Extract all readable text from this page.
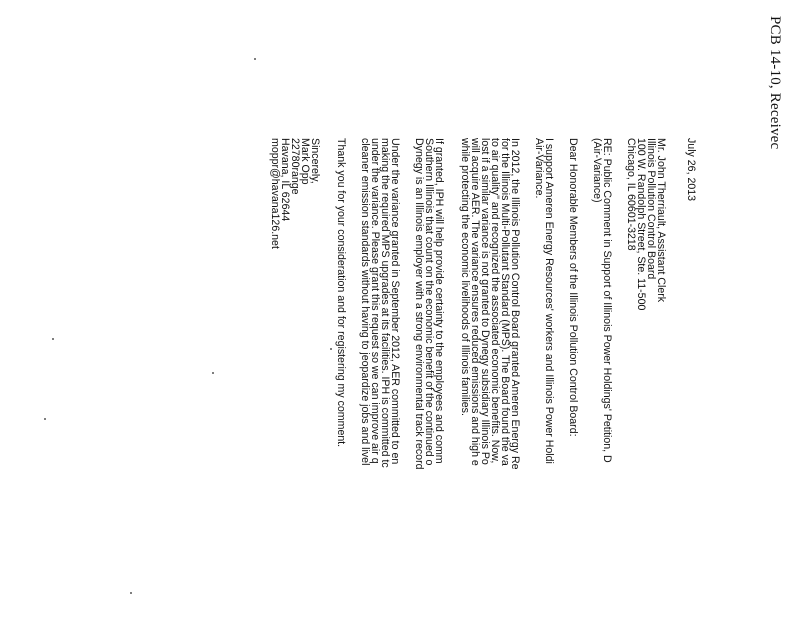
PCB 14-10, Receivec
July 26, 2013
Mr. John Therriault, Assistant Clerk
Illinois Pollution Control Board
100 W. Randolph Street, Ste. 11-500
Chicago, IL 60601-3218
RE: Public Comment in Support of Illinois Power Holdings' Petition, D
(Air-Variance)
Dear Honorable Members of the Illinois Pollution Control Board:
I support Ameren Energy Resources' workers and Illinois Power Holdi
Air-Variance.
In 2012, the Illinois Pollution Control Board granted Ameren Energy Re
for the Illinois Multi-Pollutant Standard (MPS). The Board found the va
to air quality" and recognized the associated economic benefits. Now,
lost if a similar variance is not granted to Dynegy subsidiary Illinois Po
will acquire AER. The variance ensures reduced emissions and high e
while protecting the economic livelihoods of Illinois families.
If granted, IPH will help provide certainty to the employees and comm
Southern Illinois that count on the economic benefit of the continued o
Dynegy is an Illinois employer with a strong environmental track record
Under the variance granted in September 2012, AER committed to en
making the required MPS upgrades at its facilities. IPH is committed tc
under the variance. Please grant this request so we can improve air q
cleaner emission standards without having to jeopardize jobs and livel
Thank you for your consideration and for registering my comment.
Sincerely,
Mark Opp
22780range
Havana, IL 62644
moppr@havana126.net
